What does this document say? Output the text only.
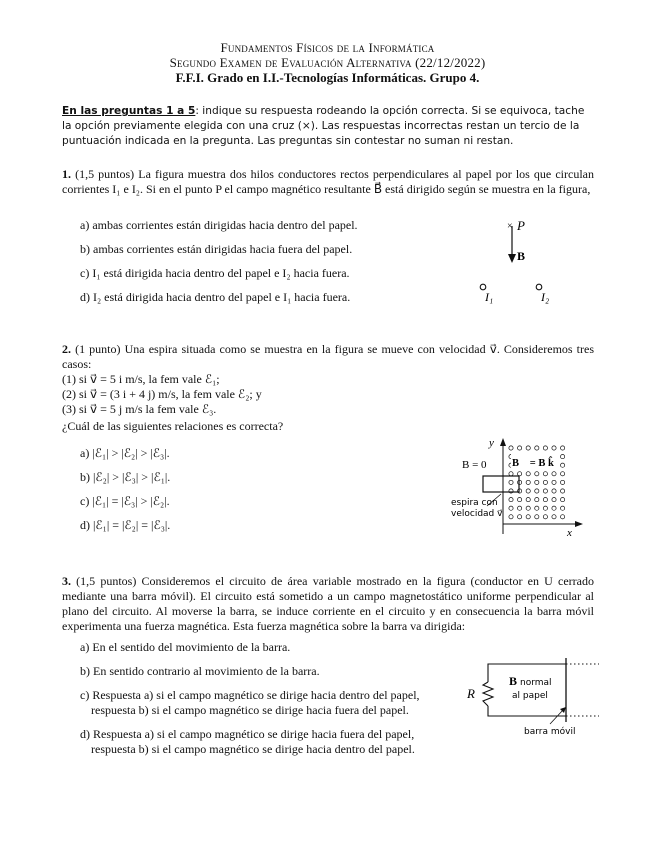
Fundamentos Físicos de la Informática
Segundo Examen de Evaluación Alternativa (22/12/2022)
F.F.I. Grado en I.I.-Tecnologías Informáticas. Grupo 4.
En las preguntas 1 a 5: indique su respuesta rodeando la opción correcta. Si se equivoca, tache la opción previamente elegida con una cruz (×). Las respuestas incorrectas restan un tercio de la puntuación indicada en la pregunta. Las preguntas sin contestar no suman ni restan.
1. (1,5 puntos) La figura muestra dos hilos conductores rectos perpendiculares al papel por los que circulan corrientes I₁ e I₂. Si en el punto P el campo magnético resultante B⃗ está dirigido según se muestra en la figura,
a) ambas corrientes están dirigidas hacia dentro del papel.
b) ambas corrientes están dirigidas hacia fuera del papel.
c) I₁ está dirigida hacia dentro del papel e I₂ hacia fuera.
d) I₂ está dirigida hacia dentro del papel e I₁ hacia fuera.
× P
B⃗
I₁	I₂
2. (1 punto) Una espira situada como se muestra en la figura se mueve con velocidad v⃗. Consideremos tres casos:
(1) si v⃗ = 5 i m/s, la fem vale ℰ₁;
(2) si v⃗ = (3 i + 4 j) m/s, la fem vale ℰ₂; y
(3) si v⃗ = 5 j m/s la fem vale ℰ₃.
¿Cuál de las siguientes relaciones es correcta?
a) |ℰ₁| > |ℰ₂| > |ℰ₃|.
b) |ℰ₂| > |ℰ₃| > |ℰ₁|.
c) |ℰ₁| = |ℰ₃| > |ℰ₂|.
d) |ℰ₁| = |ℰ₂| = |ℰ₃|.
y
x
B = 0 B⃗ = B k̂
espira con
velocidad v⃗
3. (1,5 puntos) Consideremos el circuito de área variable mostrado en la figura (conductor en U cerrado mediante una barra móvil). El circuito está sometido a un campo magnetostático uniforme perpendicular al plano del circuito. Al moverse la barra, se induce corriente en el circuito y en consecuencia la barra móvil experimenta una fuerza magnética. Esta fuerza magnética sobre la barra va dirigida:
a) En el sentido del movimiento de la barra.
b) En sentido contrario al movimiento de la barra.
c) Respuesta a) si el campo magnético se dirige hacia dentro del papel,
respuesta b) si el campo magnético se dirige hacia fuera del papel.
d) Respuesta a) si el campo magnético se dirige hacia fuera del papel,
respuesta b) si el campo magnético se dirige hacia dentro del papel.
R
B⃗
normal
al papel
barra móvil
